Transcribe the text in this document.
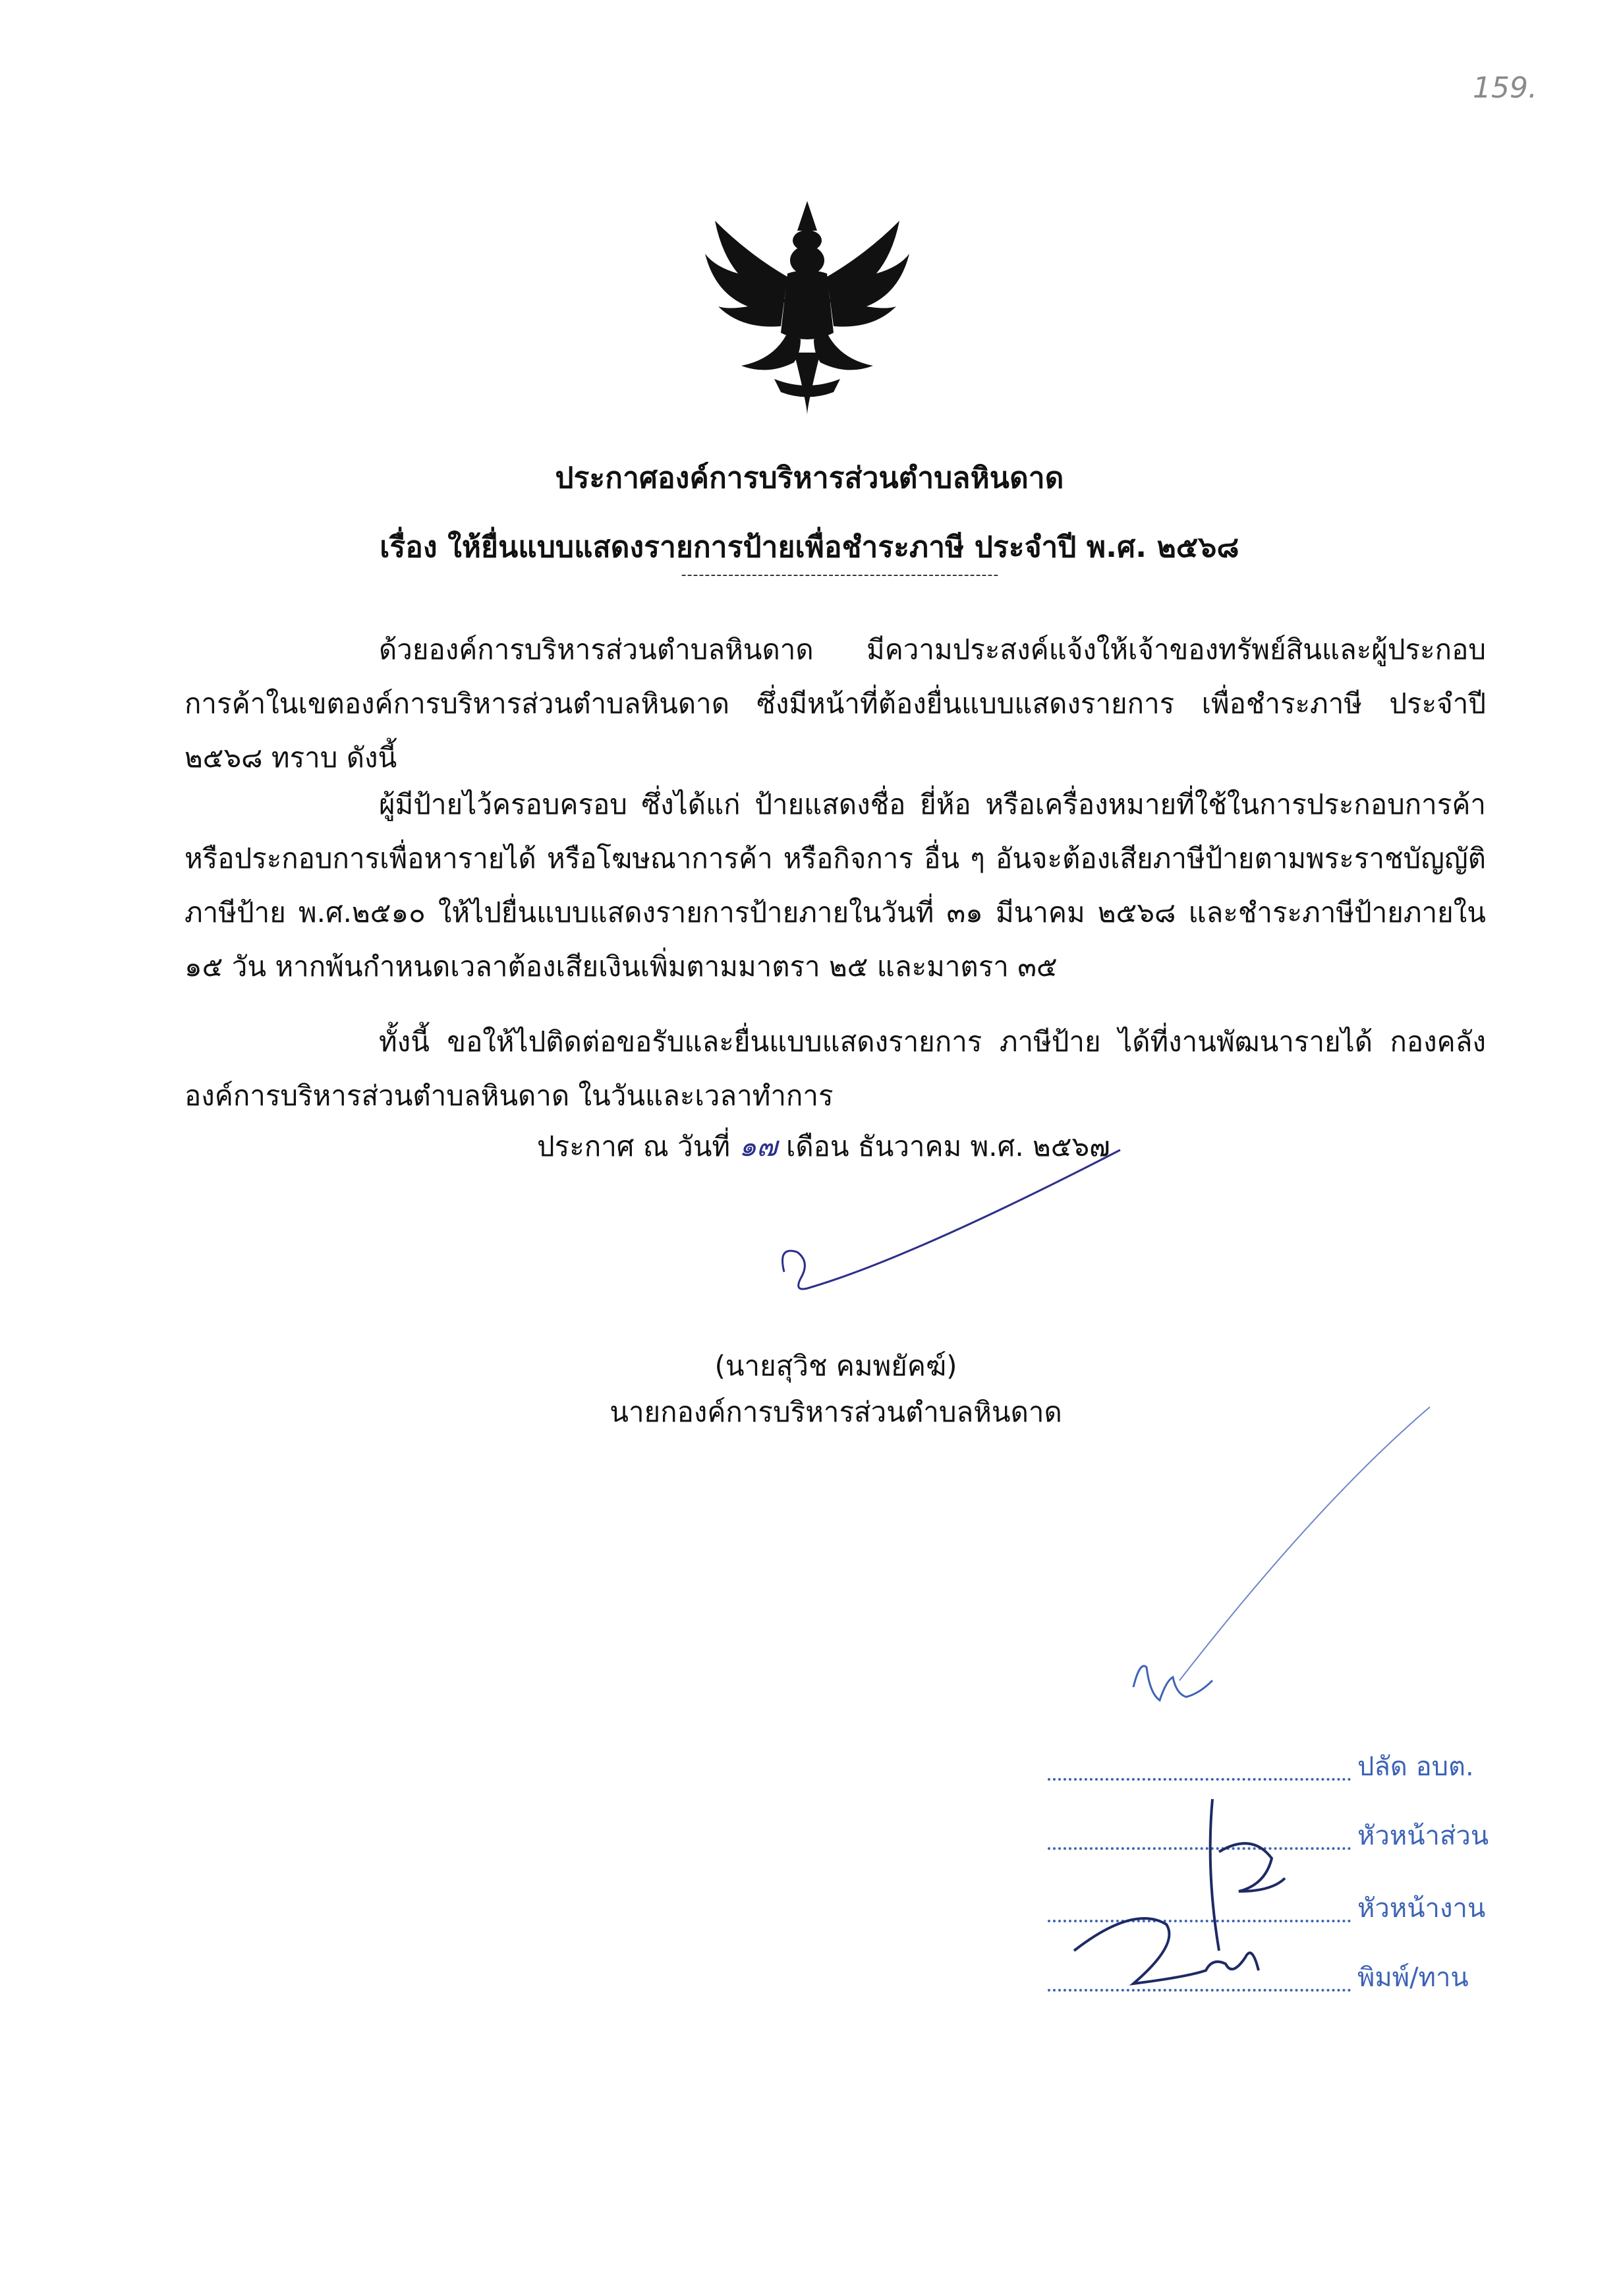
159.
ประกาศองค์การบริหารส่วนตำบลหินดาด
เรื่อง ให้ยื่นแบบแสดงรายการป้ายเพื่อชำระภาษี ประจำปี พ.ศ. ๒๕๖๘
------------------------------------------------------
ด้วยองค์การบริหารส่วนตำบลหินดาด มีความประสงค์แจ้งให้เจ้าของทรัพย์สินและผู้ประกอบการค้าในเขตองค์การบริหารส่วนตำบลหินดาด ซึ่งมีหน้าที่ต้องยื่นแบบแสดงรายการ เพื่อชำระภาษี ประจำปี ๒๕๖๘ ทราบ ดังนี้
ผู้มีป้ายไว้ครอบครอบ ซึ่งได้แก่ ป้ายแสดงชื่อ ยี่ห้อ หรือเครื่องหมายที่ใช้ในการประกอบการค้าหรือประกอบการเพื่อหารายได้ หรือโฆษณาการค้า หรือกิจการ อื่น ๆ อันจะต้องเสียภาษีป้ายตามพระราชบัญญัติภาษีป้าย พ.ศ.๒๕๑๐ ให้ไปยื่นแบบแสดงรายการป้ายภายในวันที่ ๓๑ มีนาคม ๒๕๖๘ และชำระภาษีป้ายภายใน ๑๕ วัน หากพ้นกำหนดเวลาต้องเสียเงินเพิ่มตามมาตรา ๒๕ และมาตรา ๓๕
ทั้งนี้ ขอให้ไปติดต่อขอรับและยื่นแบบแสดงรายการ ภาษีป้าย ได้ที่งานพัฒนารายได้ กองคลัง องค์การบริหารส่วนตำบลหินดาด ในวันและเวลาทำการ
ประกาศ ณ วันที่ ๑๗ เดือน ธันวาคม พ.ศ. ๒๕๖๗
(นายสุวิช คมพยัคฆ์)
นายกองค์การบริหารส่วนตำบลหินดาด
ปลัด อบต.
หัวหน้าส่วน
หัวหน้างาน
พิมพ์/ทาน
